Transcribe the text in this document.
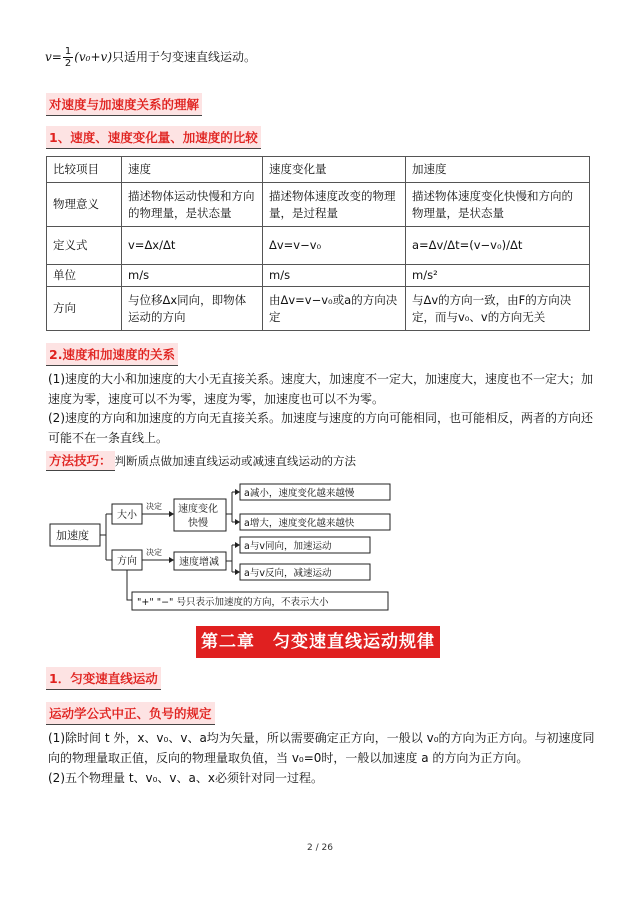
$v= \frac{1}{2} (v_0+v)$只适用于匀变速直线运动。
对速度与加速度关系的理解
1、速度、速度变化量、加速度的比较
比较项目	速度	速度变化量	加速度
物理意义	描述物体运动快慢和方向的物理量，是状态量	描述物体速度改变的物理量，是过程量	描述物体速度变化快慢和方向的物理量，是状态量
定义式	v=Δx/Δt	Δv=v−v₀	a=Δv/Δt=(v−v₀)/Δt
单位	m/s	m/s	m/s²
方向	与位移Δx同向，即物体运动的方向	由Δv=v−v₀或a的方向决定	与Δv的方向一致，由F的方向决定，而与v₀、v的方向无关
2.速度和加速度的关系
(1)速度的大小和加速度的大小无直接关系。速度大，加速度不一定大，加速度大，速度也不一定大；加速度为零，速度可以不为零，速度为零，加速度也可以不为零。
(2)速度的方向和加速度的方向无直接关系。加速度与速度的方向可能相同，也可能相反，两者的方向还可能不在一条直线上。
方法技巧： 判断质点做加速直线运动或减速直线运动的方法
加速度
大小
方向
决定
决定
速度变化
快慢
速度增减
a减小，速度变化越来越慢
a增大，速度变化越来越快
a与v同向，加速运动
a与v反向，减速运动
"+" "−" 号只表示加速度的方向，不表示大小
第二章　匀变速直线运动规律
1．匀变速直线运动
运动学公式中正、负号的规定
(1)除时间 t 外，x、v₀、v、a均为矢量，所以需要确定正方向，一般以 v₀的方向为正方向。与初速度同向的物理量取正值，反向的物理量取负值，当 v₀=0时，一般以加速度 a 的方向为正方向。
(2)五个物理量 t、v₀、v、a、x必须针对同一过程。
2 / 26
